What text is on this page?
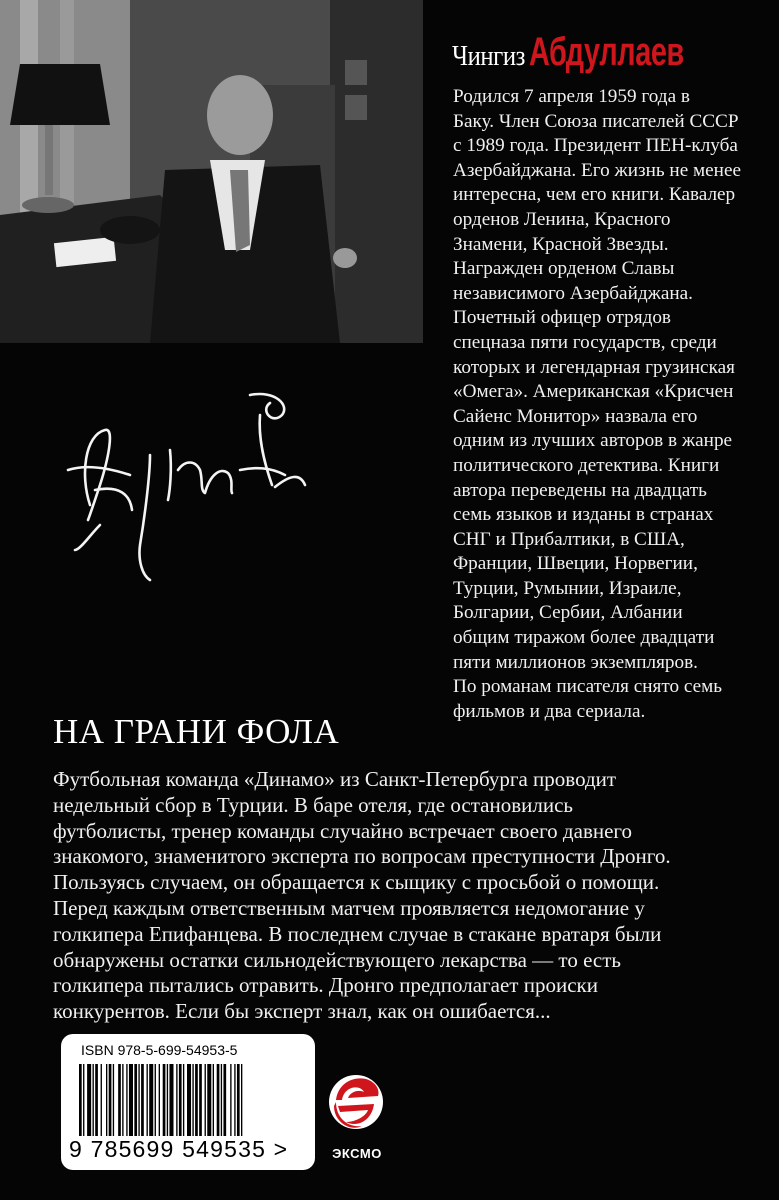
Чингиз Абдуллаев
Родился 7 апреля 1959 года в
Баку. Член Союза писателей СССР
с 1989 года. Президент ПЕН-клуба
Азербайджана. Его жизнь не менее
интересна, чем его книги. Кавалер
орденов Ленина, Красного
Знамени, Красной Звезды.
Награжден орденом Славы
независимого Азербайджана.
Почетный офицер отрядов
спецназа пяти государств, среди
которых и легендарная грузинская
«Омега». Американская «Крисчен
Сайенс Монитор» назвала его
одним из лучших авторов в жанре
политического детектива. Книги
автора переведены на двадцать
семь языков и изданы в странах
СНГ и Прибалтики, в США,
Франции, Швеции, Норвегии,
Турции, Румынии, Израиле,
Болгарии, Сербии, Албании
общим тиражом более двадцати
пяти миллионов экземпляров.
По романам писателя снято семь
фильмов и два сериала.
НА ГРАНИ ФОЛА
Футбольная команда «Динамо» из Санкт-Петербурга проводит
недельный сбор в Турции. В баре отеля, где остановились
футболисты, тренер команды случайно встречает своего давнего
знакомого, знаменитого эксперта по вопросам преступности Дронго.
Пользуясь случаем, он обращается к сыщику с просьбой о помощи.
Перед каждым ответственным матчем проявляется недомогание у
голкипера Епифанцева. В последнем случае в стакане вратаря были
обнаружены остатки сильнодействующего лекарства — то есть
голкипера пытались отравить. Дронго предполагает происки
конкурентов. Если бы эксперт знал, как он ошибается...
ISBN 978-5-699-54953-5
9 785699 549535 >	ЭКСМО
